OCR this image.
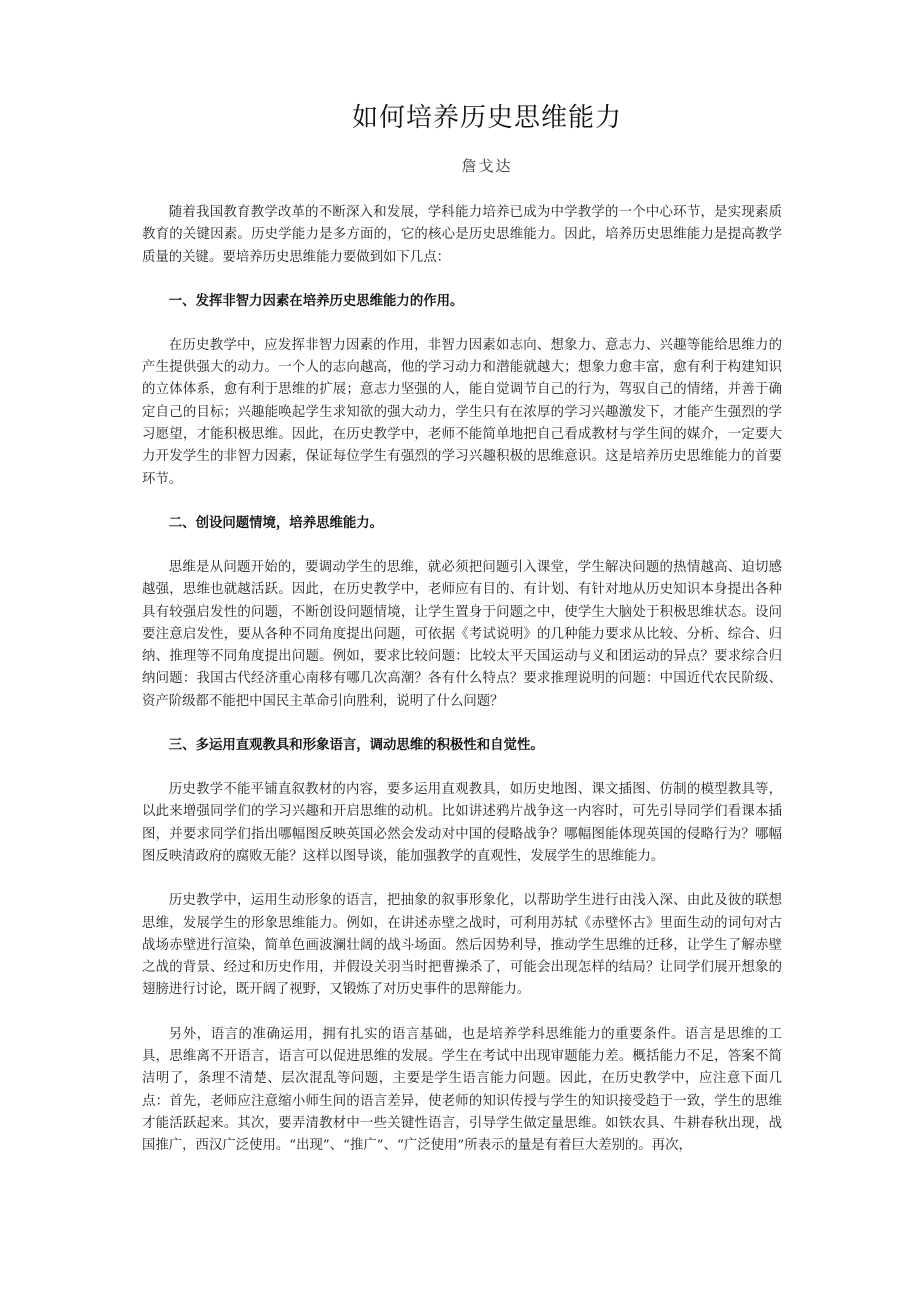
如何培养历史思维能力
詹戈达

随着我国教育教学改革的不断深入和发展，学科能力培养已成为中学教学的一个中心环节，是实现素质教育的关键因素。历史学能力是多方面的，它的核心是历史思维能力。因此，培养历史思维能力是提高教学质量的关键。要培养历史思维能力要做到如下几点：

一、发挥非智力因素在培养历史思维能力的作用。

在历史教学中，应发挥非智力因素的作用，非智力因素如志向、想象力、意志力、兴趣等能给思维力的产生提供强大的动力。一个人的志向越高，他的学习动力和潜能就越大；想象力愈丰富，愈有利于构建知识的立体体系，愈有利于思维的扩展；意志力坚强的人，能自觉调节自己的行为，驾驭自己的情绪，并善于确定自己的目标；兴趣能唤起学生求知欲的强大动力，学生只有在浓厚的学习兴趣激发下，才能产生强烈的学习愿望，才能积极思维。因此，在历史教学中，老师不能简单地把自己看成教材与学生间的媒介，一定要大力开发学生的非智力因素，保证每位学生有强烈的学习兴趣积极的思维意识。这是培养历史思维能力的首要环节。

二、创设问题情境，培养思维能力。

思维是从问题开始的，要调动学生的思维，就必须把问题引入课堂，学生解决问题的热情越高、迫切感越强，思维也就越活跃。因此，在历史教学中，老师应有目的、有计划、有针对地从历史知识本身提出各种具有较强启发性的问题，不断创设问题情境，让学生置身于问题之中，使学生大脑处于积极思维状态。设问要注意启发性，要从各种不同角度提出问题，可依据《考试说明》的几种能力要求从比较、分析、综合、归纳、推理等不同角度提出问题。例如，要求比较问题：比较太平天国运动与义和团运动的异点？要求综合归纳问题：我国古代经济重心南移有哪几次高潮？各有什么特点？要求推理说明的问题：中国近代农民阶级、资产阶级都不能把中国民主革命引向胜利，说明了什么问题？

三、多运用直观教具和形象语言，调动思维的积极性和自觉性。

历史教学不能平铺直叙教材的内容，要多运用直观教具，如历史地图、课文插图、仿制的模型教具等，以此来增强同学们的学习兴趣和开启思维的动机。比如讲述鸦片战争这一内容时，可先引导同学们看课本插图，并要求同学们指出哪幅图反映英国必然会发动对中国的侵略战争？哪幅图能体现英国的侵略行为？哪幅图反映清政府的腐败无能？这样以图导谈，能加强教学的直观性，发展学生的思维能力。

历史教学中，运用生动形象的语言，把抽象的叙事形象化，以帮助学生进行由浅入深、由此及彼的联想思维，发展学生的形象思维能力。例如，在讲述赤壁之战时，可利用苏轼《赤壁怀古》里面生动的词句对古战场赤壁进行渲染，简单色画波澜壮阔的战斗场面。然后因势利导，推动学生思维的迁移，让学生了解赤壁之战的背景、经过和历史作用，并假设关羽当时把曹操杀了，可能会出现怎样的结局？让同学们展开想象的翅膀进行讨论，既开阔了视野，又锻炼了对历史事件的思辩能力。

另外，语言的准确运用，拥有扎实的语言基础，也是培养学科思维能力的重要条件。语言是思维的工具，思维离不开语言，语言可以促进思维的发展。学生在考试中出现审题能力差。概括能力不足，答案不简洁明了，条理不清楚、层次混乱等问题，主要是学生语言能力问题。因此，在历史教学中，应注意下面几点：首先，老师应注意缩小师生间的语言差异，使老师的知识传授与学生的知识接受趋于一致，学生的思维才能活跃起来。其次，要弄清教材中一些关键性语言，引导学生做定量思维。如铁农具、牛耕春秋出现，战国推广，西汉广泛使用。“出现”、“推广”、“广泛使用”所表示的量是有着巨大差别的。再次，
